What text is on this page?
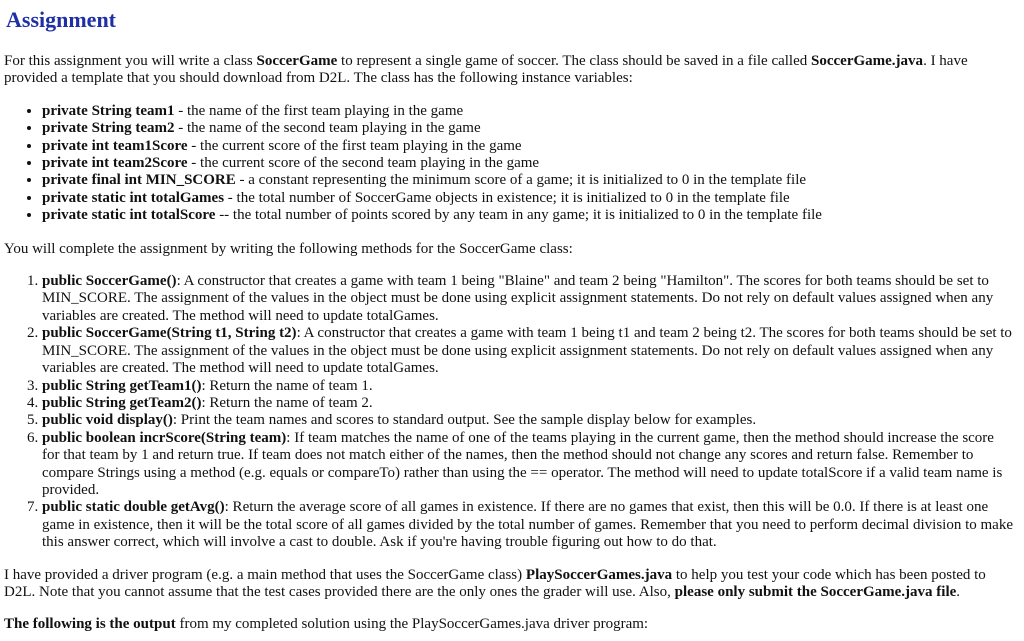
Assignment

For this assignment you will write a class SoccerGame to represent a single game of soccer. The class should be saved in a file called SoccerGame.java. I have provided a template that you should download from D2L. The class has the following instance variables:

• private String team1 - the name of the first team playing in the game
• private String team2 - the name of the second team playing in the game
• private int team1Score - the current score of the first team playing in the game
• private int team2Score - the current score of the second team playing in the game
• private final int MIN_SCORE - a constant representing the minimum score of a game; it is initialized to 0 in the template file
• private static int totalGames - the total number of SoccerGame objects in existence; it is initialized to 0 in the template file
• private static int totalScore -- the total number of points scored by any team in any game; it is initialized to 0 in the template file

You will complete the assignment by writing the following methods for the SoccerGame class:

1. public SoccerGame(): A constructor that creates a game with team 1 being "Blaine" and team 2 being "Hamilton". The scores for both teams should be set to MIN_SCORE. The assignment of the values in the object must be done using explicit assignment statements. Do not rely on default values assigned when any variables are created. The method will need to update totalGames.
2. public SoccerGame(String t1, String t2): A constructor that creates a game with team 1 being t1 and team 2 being t2. The scores for both teams should be set to MIN_SCORE. The assignment of the values in the object must be done using explicit assignment statements. Do not rely on default values assigned when any variables are created. The method will need to update totalGames.
3. public String getTeam1(): Return the name of team 1.
4. public String getTeam2(): Return the name of team 2.
5. public void display(): Print the team names and scores to standard output. See the sample display below for examples.
6. public boolean incrScore(String team): If team matches the name of one of the teams playing in the current game, then the method should increase the score for that team by 1 and return true. If team does not match either of the names, then the method should not change any scores and return false. Remember to compare Strings using a method (e.g. equals or compareTo) rather than using the == operator. The method will need to update totalScore if a valid team name is provided.
7. public static double getAvg(): Return the average score of all games in existence. If there are no games that exist, then this will be 0.0. If there is at least one game in existence, then it will be the total score of all games divided by the total number of games. Remember that you need to perform decimal division to make this answer correct, which will involve a cast to double. Ask if you're having trouble figuring out how to do that.

I have provided a driver program (e.g. a main method that uses the SoccerGame class) PlaySoccerGames.java to help you test your code which has been posted to D2L. Note that you cannot assume that the test cases provided there are the only ones the grader will use. Also, please only submit the SoccerGame.java file.

The following is the output from my completed solution using the PlaySoccerGames.java driver program:
